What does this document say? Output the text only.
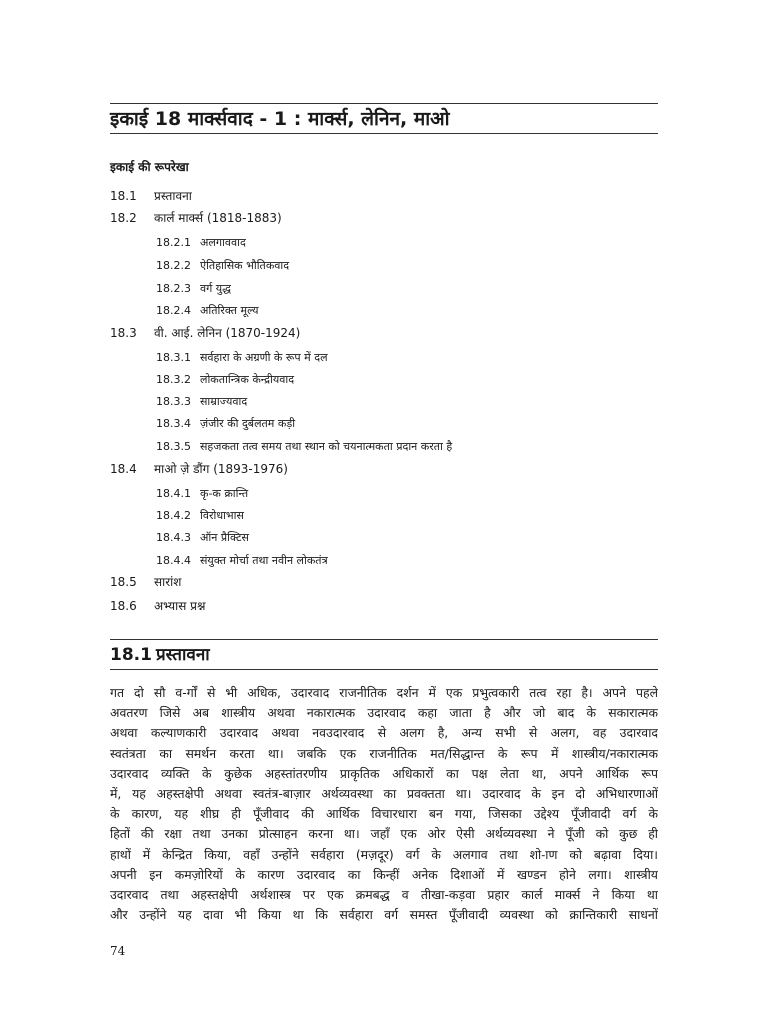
इकाई 18 मार्क्सवाद - 1 : मार्क्स, लेनिन, माओ
इकाई की रूपरेखा
18.1 प्रस्तावना
18.2 कार्ल मार्क्स (1818-1883)
18.2.1 अलगाववाद
18.2.2 ऐतिहासिक भौतिकवाद
18.2.3 वर्ग युद्ध
18.2.4 अतिरिक्त मूल्य
18.3 वी. आई. लेनिन (1870-1924)
18.3.1 सर्वहारा के अग्रणी के रूप में दल
18.3.2 लोकतान्त्रिक केन्द्रीयवाद
18.3.3 साम्राज्यवाद
18.3.4 ज़ंजीर की दुर्बलतम कड़ी
18.3.5 सहजकता तत्व समय तथा स्थान को चयनात्मकता प्रदान करता है
18.4 माओ ज़े डौंग (1893-1976)
18.4.1 कृ-क क्रान्ति
18.4.2 विरोधाभास
18.4.3 ऑन प्रैक्टिस
18.4.4 संयुक्त मोर्चा तथा नवीन लोकतंत्र
18.5 सारांश
18.6 अभ्यास प्रश्न
18.1 प्रस्तावना
गत दो सौ व-र्गों से भी अधिक, उदारवाद राजनीतिक दर्शन में एक प्रभुत्वकारी तत्व रहा है। अपने पहले
अवतरण जिसे अब शास्त्रीय अथवा नकारात्मक उदारवाद कहा जाता है और जो बाद के सकारात्मक
अथवा कल्याणकारी उदारवाद अथवा नवउदारवाद से अलग है, अन्य सभी से अलग, वह उदारवाद
स्वतंत्रता का समर्थन करता था। जबकि एक राजनीतिक मत/सिद्धान्त के रूप में शास्त्रीय/नकारात्मक
उदारवाद व्यक्ति के कुछेक अहस्तांतरणीय प्राकृतिक अधिकारों का पक्ष लेता था, अपने आर्थिक रूप
में, यह अहस्तक्षेपी अथवा स्वतंत्र-बाज़ार अर्थव्यवस्था का प्रवक्तता था। उदारवाद के इन दो अभिधारणाओं
के कारण, यह शीघ्र ही पूँजीवाद की आर्थिक विचारधारा बन गया, जिसका उद्देश्य पूँजीवादी वर्ग के
हितों की रक्षा तथा उनका प्रोत्साहन करना था। जहाँ एक ओर ऐसी अर्थव्यवस्था ने पूँजी को कुछ ही
हाथों में केन्द्रित किया, वहाँ उन्होंने सर्वहारा (मज़दूर) वर्ग के अलगाव तथा शो-ाण को बढ़ावा दिया।
अपनी इन कमज़ोरियों के कारण उदारवाद का किन्हीं अनेक दिशाओं में खण्डन होने लगा। शास्त्रीय
उदारवाद तथा अहस्तक्षेपी अर्थशास्त्र पर एक क्रमबद्ध व तीखा-कड़वा प्रहार कार्ल मार्क्स ने किया था
और उन्होंने यह दावा भी किया था कि सर्वहारा वर्ग समस्त पूँजीवादी व्यवस्था को क्रान्तिकारी साधनों
74
